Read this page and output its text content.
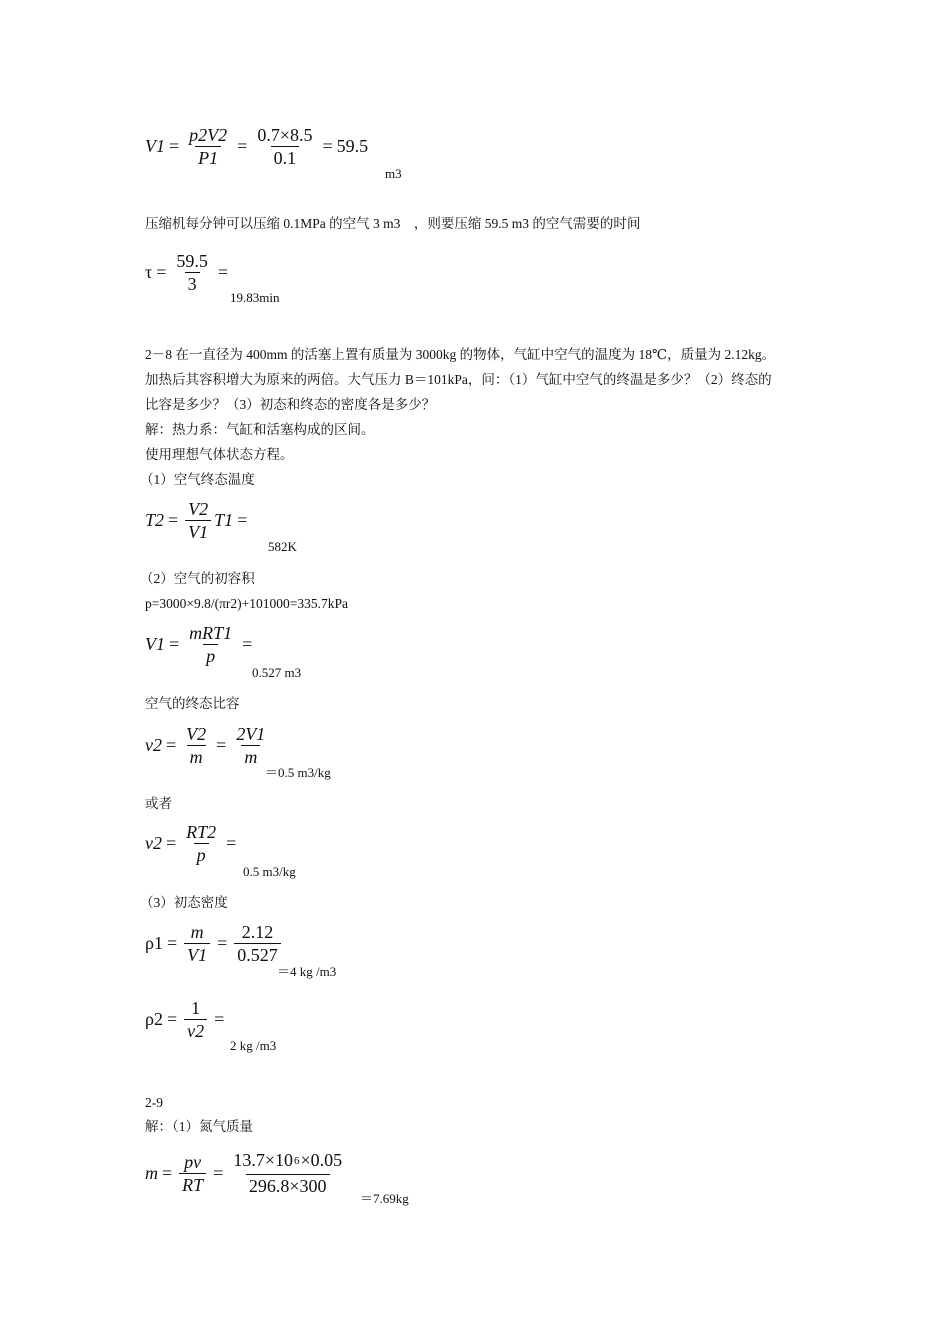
$V1 = \frac{p2V2}{P1} = \frac{0.7\times 8.5}{0.1} = 59.5$
m3
压缩机每分钟可以压缩 0.1MPa 的空气 3 m3　，则要压缩 59.5 m3 的空气需要的时间
$\tau = \frac{59.5}{3}$ =
19.83min
2－8 在一直径为 400mm 的活塞上置有质量为 3000kg 的物体，气缸中空气的温度为 18℃，质量为 2.12kg。
加热后其容积增大为原来的两倍。大气压力 B＝101kPa，问：（1）气缸中空气的终温是多少？（2）终态的
比容是多少？（3）初态和终态的密度各是多少？
解：热力系：气缸和活塞构成的区间。
使用理想气体状态方程。
（1）空气终态温度
$T2 = \frac{V2}{V1} T1$ =
582K
（2）空气的初容积
p=3000×9.8/(πr2)+101000=335.7kPa
$V1 = \frac{\text{mRT1}}{p}$ =
0.527 m3
空气的终态比容
$v2 = \frac{V2}{m} = \frac{2V1}{m}$
＝0.5 m3/kg
或者
$v2 = \frac{RT2}{p}$ =
0.5 m3/kg
（3）初态密度
$\rho 1 = \frac{m}{V1} = \frac{2.12}{0.527}$
＝4 kg /m3
$\rho 2 = \frac{1}{v2}$ =
2 kg /m3
2-9
解：（1）氮气质量
$m = \frac{pv}{RT} = \frac{13.7\times 106\times 0.05}{296.8\times 300}$
＝7.69kg
